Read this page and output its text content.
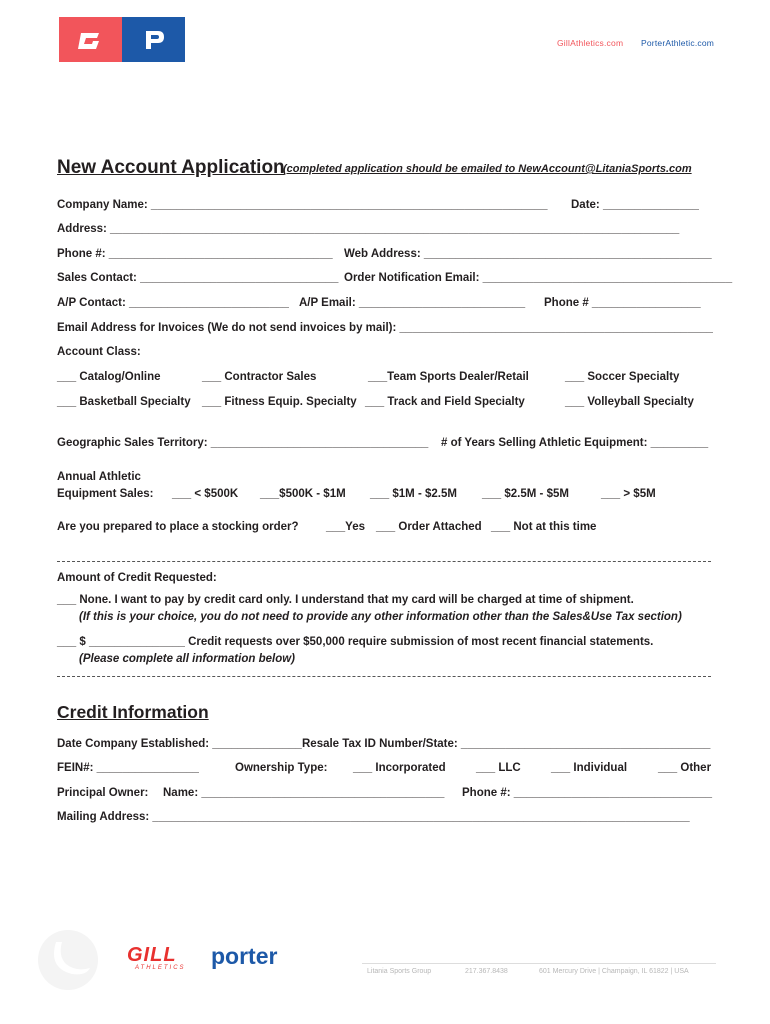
GillAthletics.com PorterAthletic.com
New Account Application
(completed application should be emailed to NewAccount@LitaniaSports.com
Company Name: ______________________________________________________________ Date: _______________
Address: _________________________________________________________________________________________
Phone #: ___________________________________ Web Address: _____________________________________________
Sales Contact: _______________________________ Order Notification Email: _______________________________________
A/P Contact: _________________________ A/P Email: __________________________ Phone # _________________
Email Address for Invoices (We do not send invoices by mail): _________________________________________________
Account Class:
___ Catalog/Online	___ Contractor Sales	___Team Sports Dealer/Retail	___ Soccer Specialty
___ Basketball Specialty ___ Fitness Equip. Specialty ___ Track and Field Specialty	___ Volleyball Specialty
Geographic Sales Territory: __________________________________ # of Years Selling Athletic Equipment: _________
Annual Athletic
Equipment Sales: ___ < $500K ___$500K - $1M ___ $1M - $2.5M ___ $2.5M - $5M	___ > $5M
Are you prepared to place a stocking order? ___Yes ___ Order Attached ___ Not at this time
Amount of Credit Requested:
___ None. I want to pay by credit card only. I understand that my card will be charged at time of shipment.
(If this is your choice, you do not need to provide any other information other than the Sales&Use Tax section)
___ $ _______________ Credit requests over $50,000 require submission of most recent financial statements.
(Please complete all information below)
Credit Information
Date Company Established: ______________ Resale Tax ID Number/State: _______________________________________
FEIN#: ________________	Ownership Type: ___ Incorporated	___ LLC	___ Individual	___ Other
Principal Owner: Name: ______________________________________ Phone #: _______________________________
Mailing Address: ____________________________________________________________________________________
GILL
ATHLETICS porter
Litania Sports Group	217.367.8438	601 Mercury Drive | Champaign, IL 61822 | USA
